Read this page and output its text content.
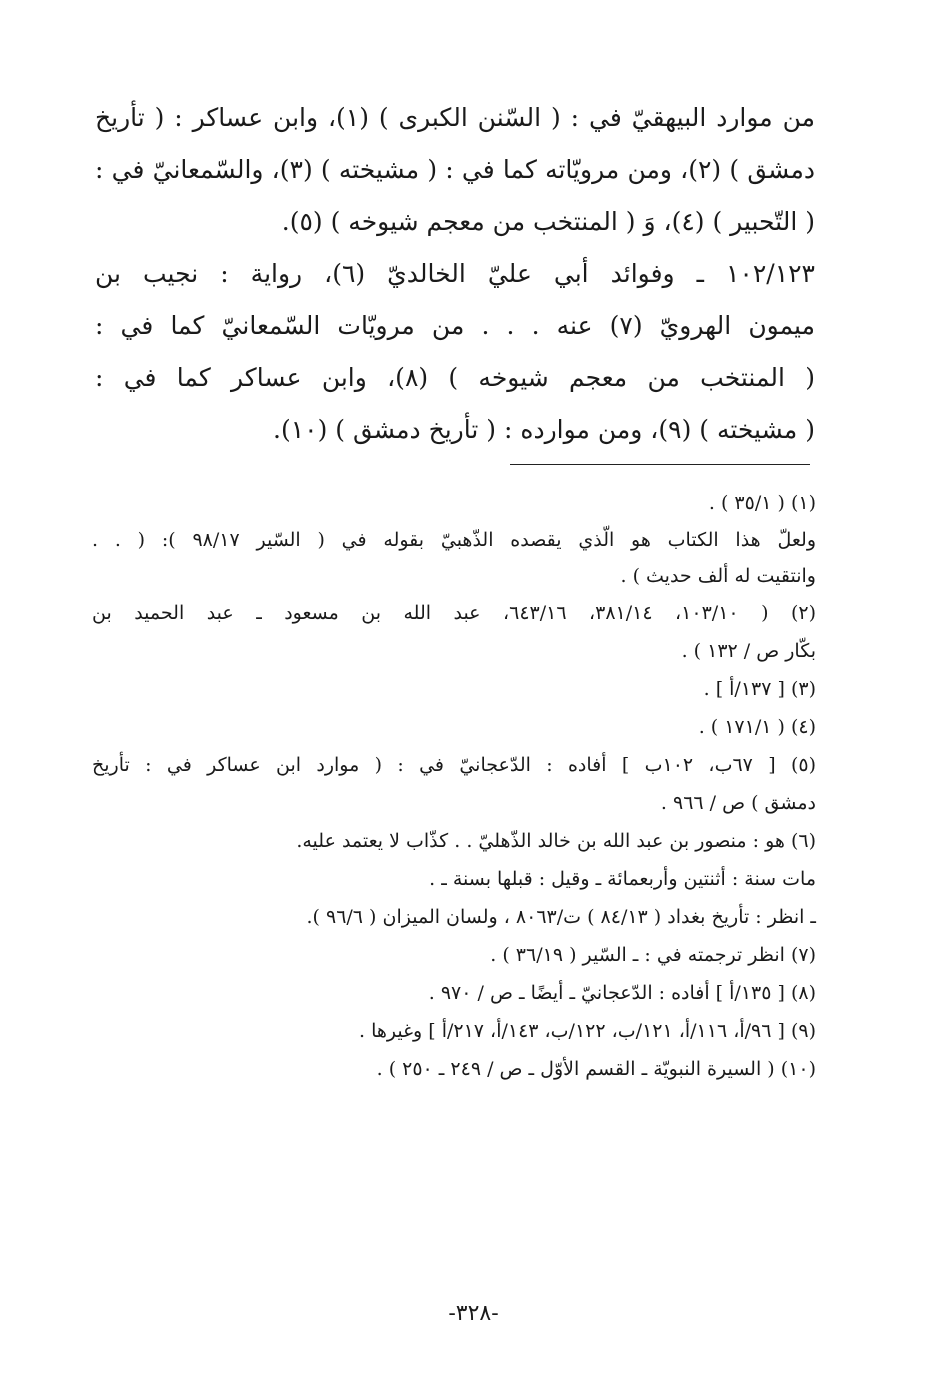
من موارد البيهقيّ في : ( السّنن الكبرى ) (١)، وابن عساكر : ( تأريخ
دمشق ) (٢)، ومن مرويّاته كما في : ( مشيخته ) (٣)، والسّمعانيّ في :
( التّحبير ) (٤)، وَ ( المنتخب من معجم شيوخه ) (٥).
١٠٢/١٢٣ ـ وفوائد أبي عليّ الخالديّ (٦)، رواية : نجيب بن
ميمون الهرويّ (٧) عنه . . . من مرويّات السّمعانيّ كما في :
( المنتخب من معجم شيوخه ) (٨)، وابن عساكر كما في :
( مشيخته ) (٩)، ومن موارده : ( تأريخ دمشق ) (١٠).
(١) ( ٣٥/١ ) .
ولعلّ هذا الكتاب هو الّذي يقصده الذّهبيّ بقوله في ( السّير ٩٨/١٧ ): ( . .
وانتقيت له ألف حديث ) .
(٢) ( ١٠٣/١٠، ٣٨١/١٤، ٦٤٣/١٦، عبد الله بن مسعود ـ عبد الحميد بن
بكّار ص / ١٣٢ ) .
(٣) [ ١٣٧/أ ] .
(٤) ( ١٧١/١ ) .
(٥) [ ٦٧ب، ١٠٢ب ] أفاده : الدّعجانيّ في : ( موارد ابن عساكر في : تأريخ
دمشق ) ص / ٩٦٦ .
(٦) هو : منصور بن عبد الله بن خالد الذّهليّ . . كذّاب لا يعتمد عليه.
مات سنة : أثنتين وأربعمائة ـ وقيل : قبلها بسنة ـ .
ـ انظر : تأريخ بغداد ( ٨٤/١٣ ) ت/٨٠٦٣ ، ولسان الميزان ( ٩٦/٦ ).
(٧) انظر ترجمته في : ـ السّير ( ٣٦/١٩ ) .
(٨) [ ١٣٥/أ ] أفاده : الدّعجانيّ ـ أيضًا ـ ص / ٩٧٠ .
(٩) [ ٩٦/أ، ١١٦/أ، ١٢١/ب، ١٢٢/ب، ١٤٣/أ، ٢١٧/أ ] وغيرها .
(١٠) ( السيرة النبويّة ـ القسم الأوّل ـ ص / ٢٤٩ ـ ٢٥٠ ) .
-٣٢٨-
